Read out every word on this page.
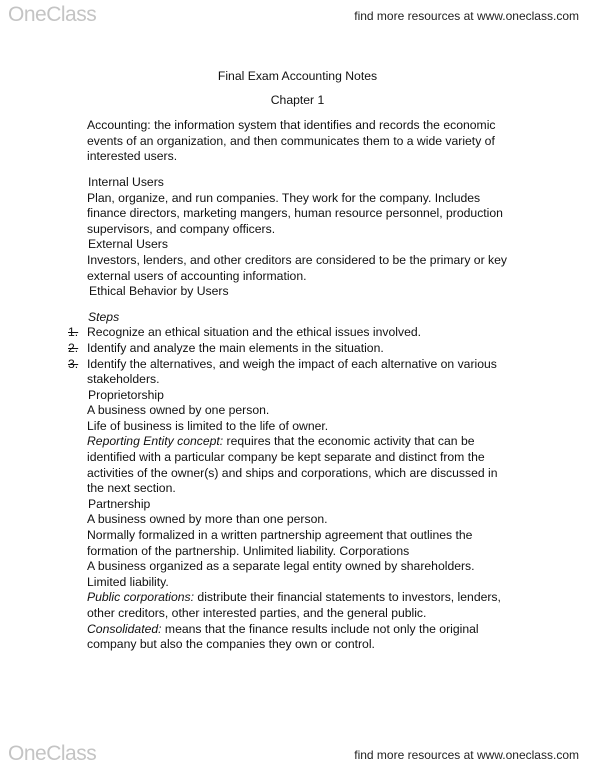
OneClass	find more resources at www.oneclass.com
Final Exam Accounting Notes
Chapter 1
Accounting: the information system that identifies and records the economic
events of an organization, and then communicates them to a wide variety of
interested users.
Internal Users
Plan, organize, and run companies. They work for the company. Includes
finance directors, marketing mangers, human resource personnel, production
supervisors, and company officers.
External Users
Investors, lenders, and other creditors are considered to be the primary or key
external users of accounting information.
Ethical Behavior by Users
Steps
1. Recognize an ethical situation and the ethical issues involved.
2. Identify and analyze the main elements in the situation.
3. Identify the alternatives, and weigh the impact of each alternative on various
stakeholders.
Proprietorship
A business owned by one person.
Life of business is limited to the life of owner.
Reporting Entity concept: requires that the economic activity that can be
identified with a particular company be kept separate and distinct from the
activities of the owner(s) and ships and corporations, which are discussed in
the next section.
Partnership
A business owned by more than one person.
Normally formalized in a written partnership agreement that outlines the
formation of the partnership. Unlimited liability. Corporations
A business organized as a separate legal entity owned by shareholders.
Limited liability.
Public corporations: distribute their financial statements to investors, lenders,
other creditors, other interested parties, and the general public.
Consolidated: means that the finance results include not only the original
company but also the companies they own or control.
OneClass	find more resources at www.oneclass.com
